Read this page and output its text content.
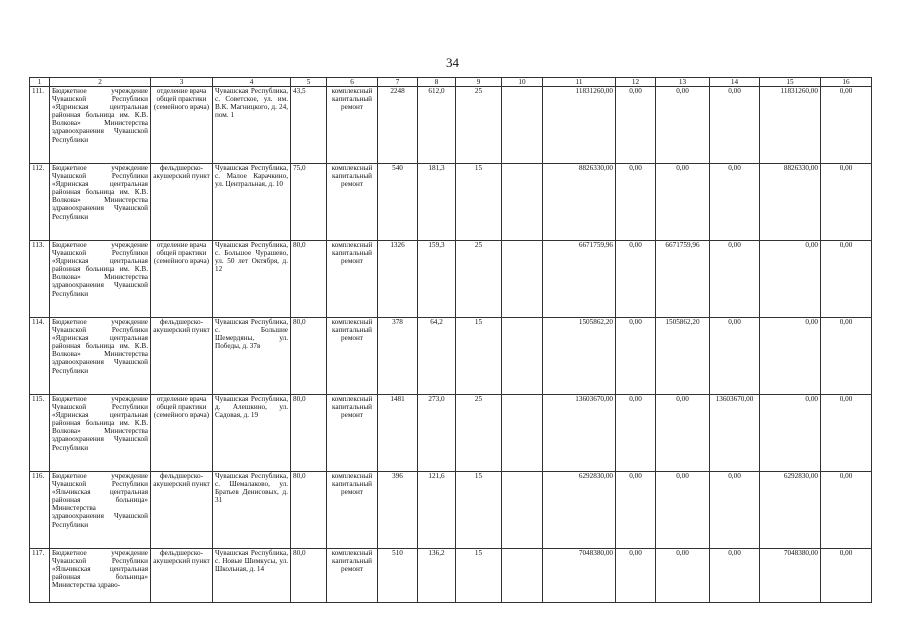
34
1	2	3	4	5	6	7	8	9	10	11	12	13	14	15	16
111.	Бюджетное учреждение Чувашской Республики «Ядринская центральная районная больница им. К.В. Волкова» Министерства здравоохранения Чувашской Республики	отделение врача общей практики (семейного врача)	Чувашская Республика, с. Советское, ул. им. В.К. Магницкого, д. 24, пом. 1	43,5	комплексный капитальный ремонт	2248	612,0	25		11831260,00	0,00	0,00	0,00	11831260,00	0,00
112.	Бюджетное учреждение Чувашской Республики «Ядринская центральная районная больница им. К.В. Волкова» Министерства здравоохранения Чувашской Республики	фельдшерско-акушерский пункт	Чувашская Республика, с. Малое Карачкино, ул. Центральная, д. 10	75,0	комплексный капитальный ремонт	540	181,3	15		8826330,00	0,00	0,00	0,00	8826330,00	0,00
113.	Бюджетное учреждение Чувашской Республики «Ядринская центральная районная больница им. К.В. Волкова» Министерства здравоохранения Чувашской Республики	отделение врача общей практики (семейного врача)	Чувашская Республика, с. Большое Чурашево, ул. 50 лет Октября, д. 12	80,0	комплексный капитальный ремонт	1326	159,3	25		6671759,96	0,00	6671759,96	0,00	0,00	0,00
114.	Бюджетное учреждение Чувашской Республики «Ядринская центральная районная больница им. К.В. Волкова» Министерства здравоохранения Чувашской Республики	фельдшерско-акушерский пункт	Чувашская Республика, с. Большие Шемердяны, ул. Победы, д. 37в	80,0	комплексный капитальный ремонт	378	64,2	15		1505862,20	0,00	1505862,20	0,00	0,00	0,00
115.	Бюджетное учреждение Чувашской Республики «Ядринская центральная районная больница им. К.В. Волкова» Министерства здравоохранения Чувашской Республики	отделение врача общей практики (семейного врача)	Чувашская Республика, д. Алешкино, ул. Садовая, д. 19	80,0	комплексный капитальный ремонт	1481	273,0	25		13603670,00	0,00	0,00	13603670,00	0,00	0,00
116.	Бюджетное учреждение Чувашской Республики «Яльчикская центральная районная больница» Министерства здравоохранения Чувашской Республики	фельдшерско-акушерский пункт	Чувашская Республика, с. Шемалаково, ул. Братьев Денисовых, д. 31	80,0	комплексный капитальный ремонт	396	121,6	15		6292830,00	0,00	0,00	0,00	6292830,00	0,00
117.	Бюджетное учреждение Чувашской Республики «Яльчикская центральная районная больница» Министерства здраво-	фельдшерско-акушерский пункт	Чувашская Республика, с. Новые Шимкусы, ул. Школьная, д. 14	80,0	комплексный капитальный ремонт	510	136,2	15		7048380,00	0,00	0,00	0,00	7048380,00	0,00
